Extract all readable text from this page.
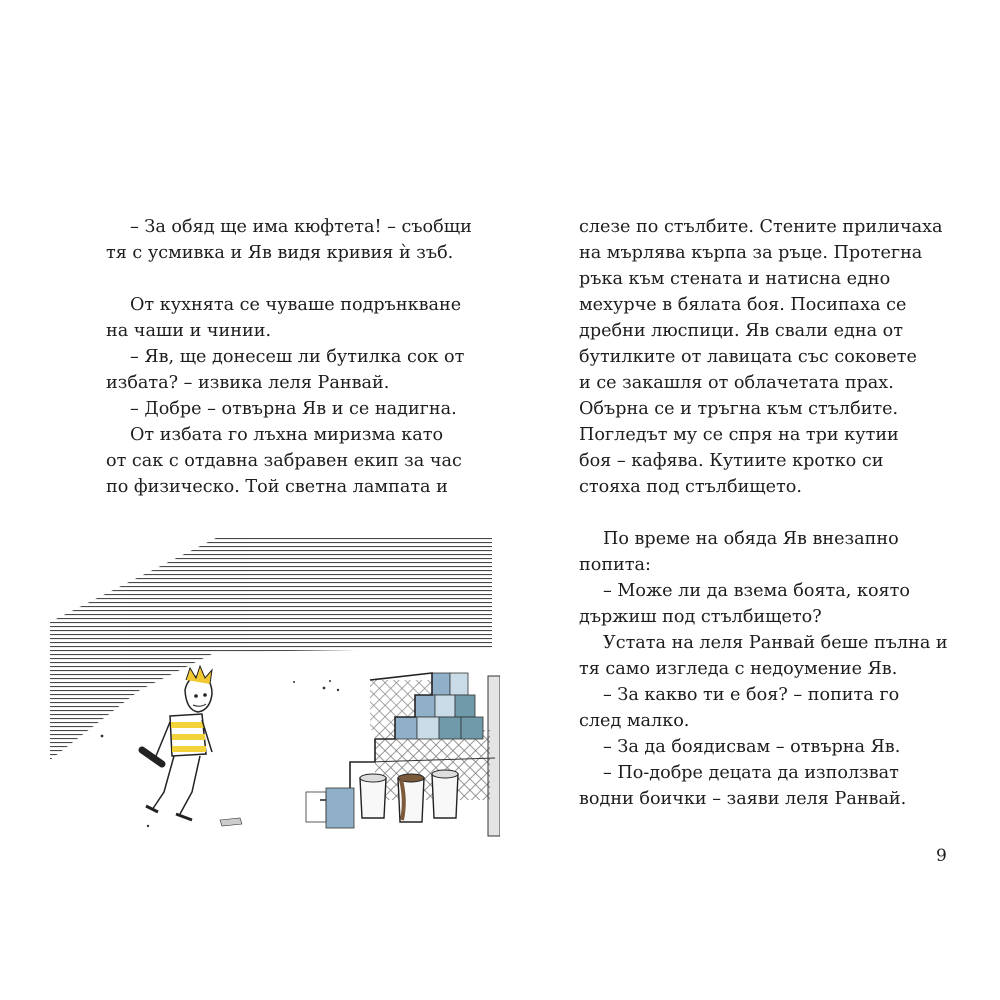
– За обяд ще има кюфтета! – съобщи
тя с усмивка и Яв видя кривия ѝ зъб.
От кухнята се чуваше подрънкване
на чаши и чинии.
– Яв, ще донесеш ли бутилка сок от
избата? – извика леля Ранвай.
– Добре – отвърна Яв и се надигна.
От избата го лъхна миризма като
от сак с отдавна забравен екип за час
по физическо. Той светна лампата и
слезе по стълбите. Стените приличаха
на мърлява кърпа за ръце. Протегна
ръка към стената и натисна едно
мехурче в бялата боя. Посипаха се
дребни люспици. Яв свали една от
бутилките от лавицата със соковете
и се закашля от облачетата прах.
Обърна се и тръгна към стълбите.
Погледът му се спря на три кутии
боя – кафява. Кутиите кротко си
стояха под стълбището.
По време на обяда Яв внезапно
попита:
– Може ли да взема боята, която
държиш под стълбището?
Устата на леля Ранвай беше пълна и
тя само изгледа с недоумение Яв.
– За какво ти е боя? – попита го
след малко.
– За да боядисвам – отвърна Яв.
– По-добре децата да използват
водни боички – заяви леля Ранвай.
9
